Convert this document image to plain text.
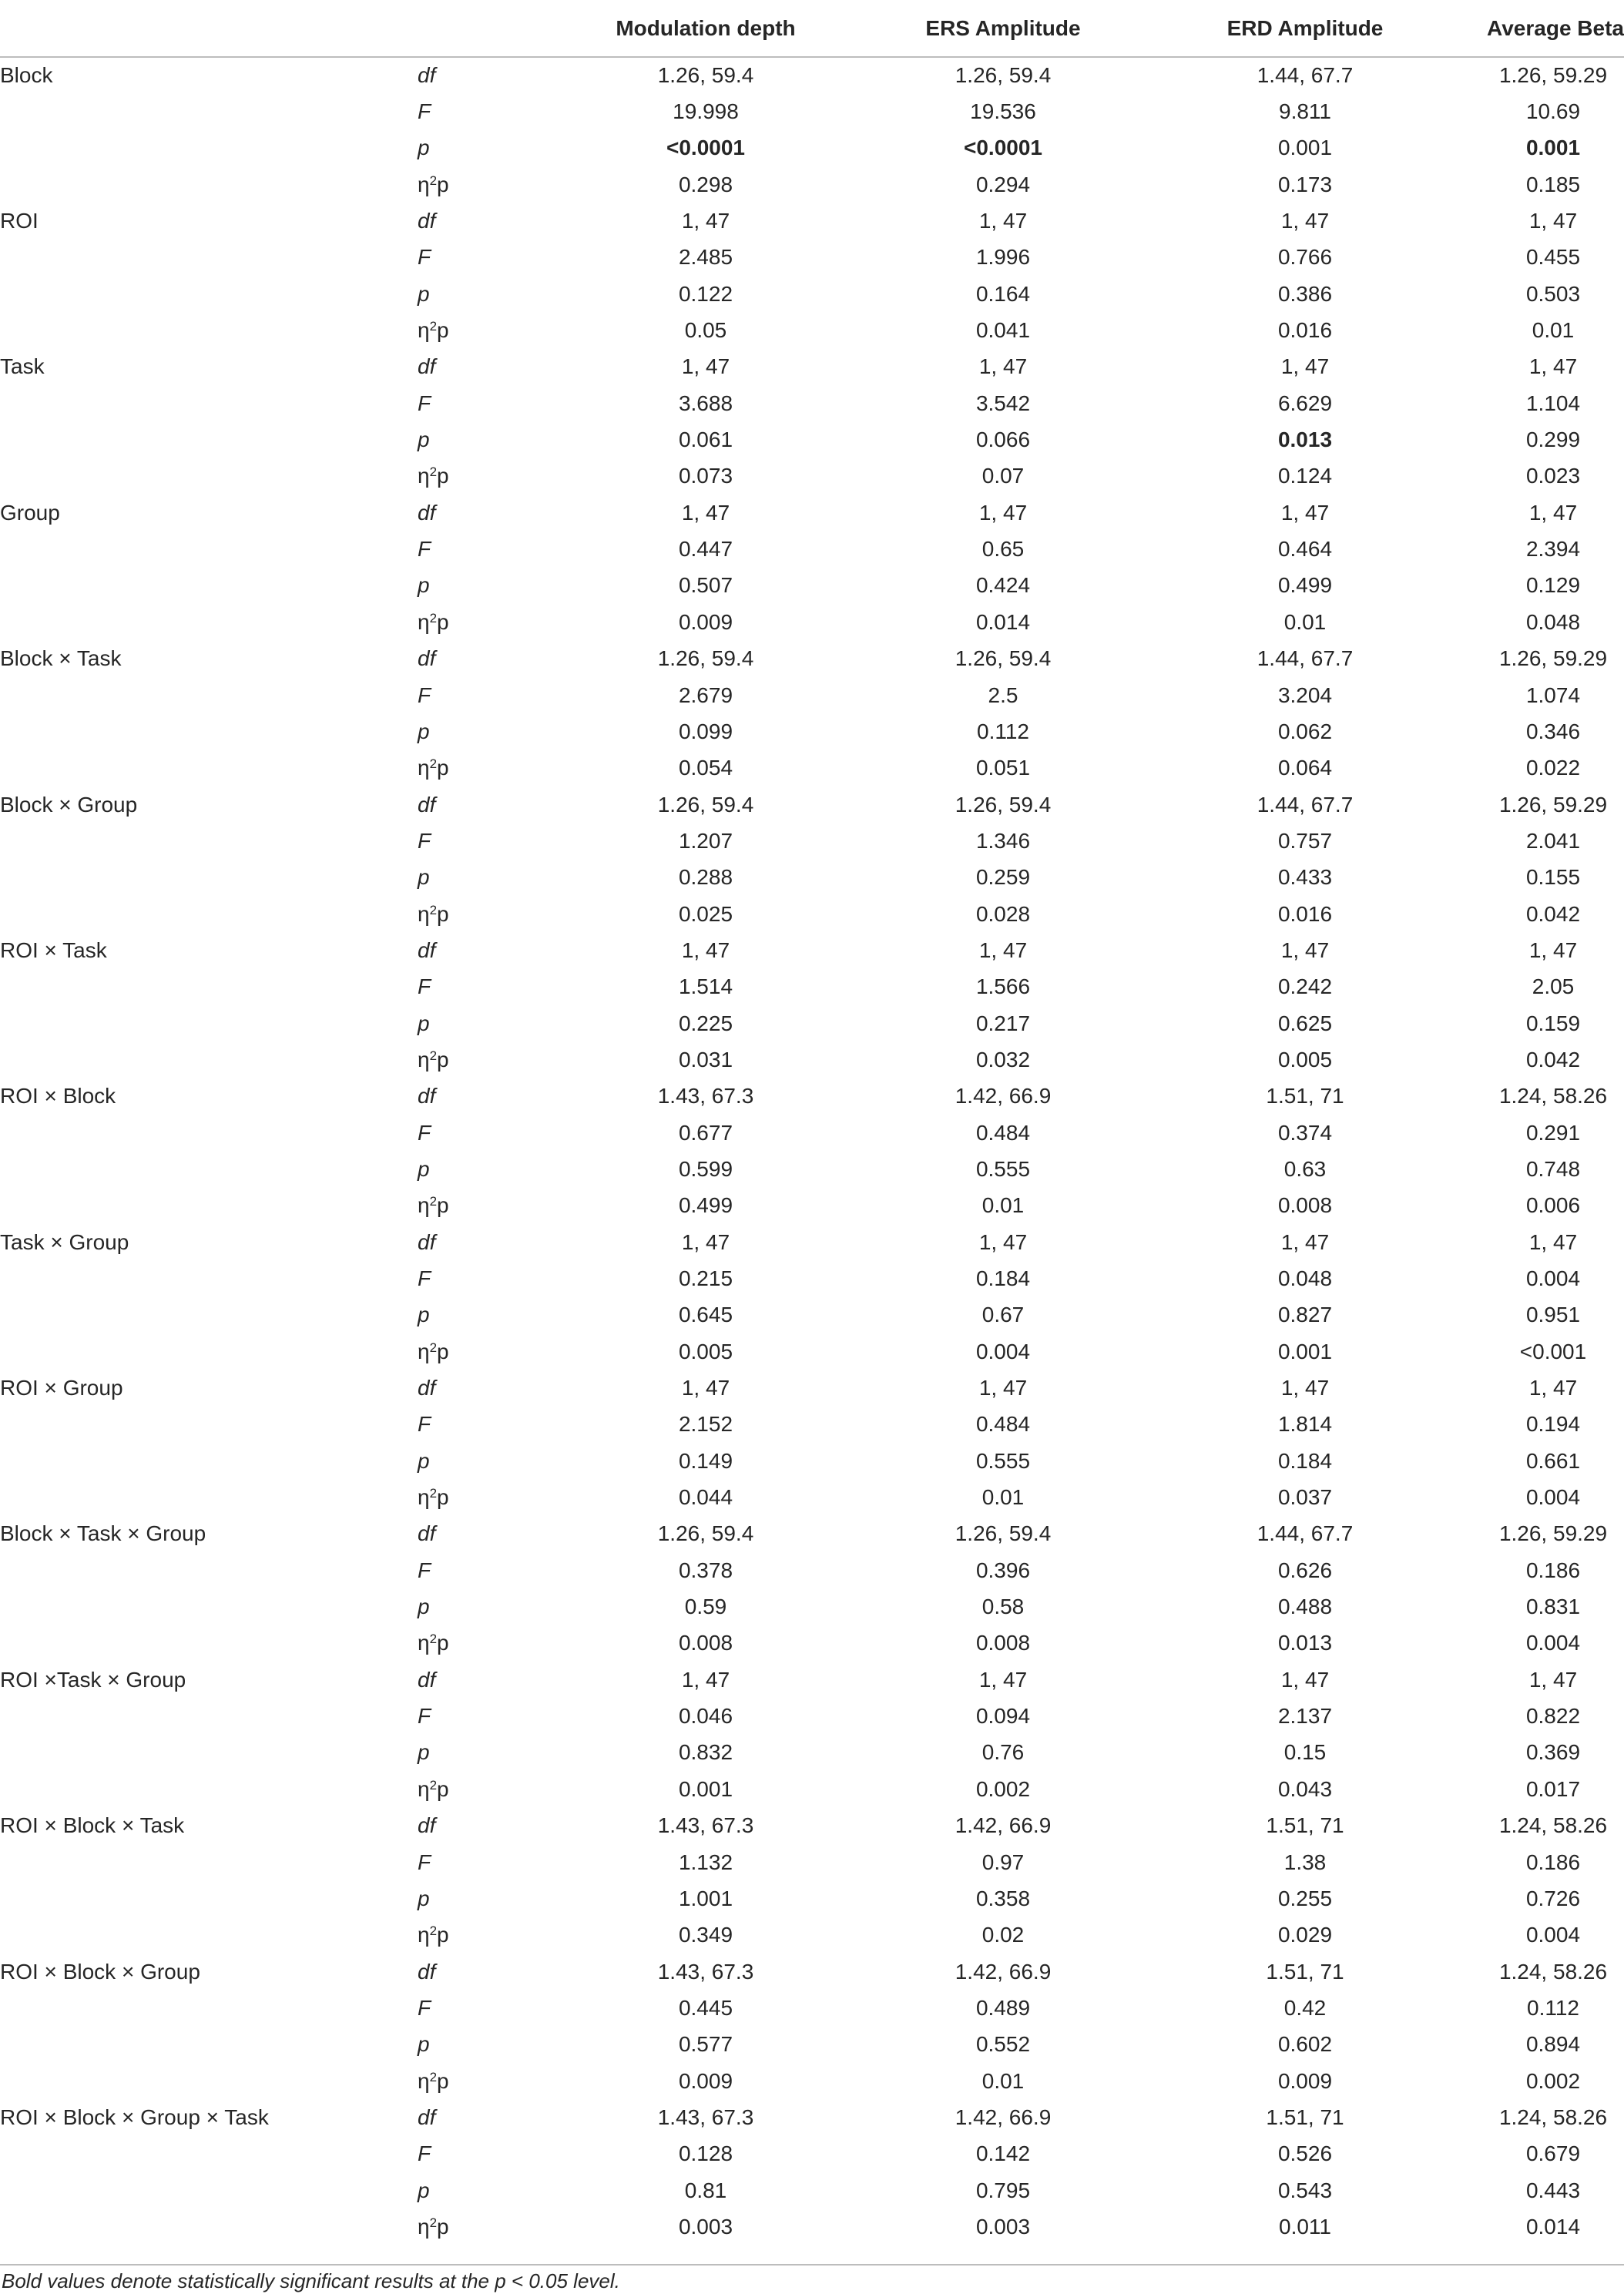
		Modulation depth	ERS Amplitude	ERD Amplitude	Average Beta
Block	df	1.26, 59.4	1.26, 59.4	1.44, 67.7	1.26, 59.29
	F	19.998	19.536	9.811	10.69
	p	<0.0001	<0.0001	0.001	0.001
	$\eta^2p$	0.298	0.294	0.173	0.185
ROI	df	1, 47	1, 47	1, 47	1, 47
	F	2.485	1.996	0.766	0.455
	p	0.122	0.164	0.386	0.503
	$\eta^2p$	0.05	0.041	0.016	0.01
Task	df	1, 47	1, 47	1, 47	1, 47
	F	3.688	3.542	6.629	1.104
	p	0.061	0.066	0.013	0.299
	$\eta^2p$	0.073	0.07	0.124	0.023
Group	df	1, 47	1, 47	1, 47	1, 47
	F	0.447	0.65	0.464	2.394
	p	0.507	0.424	0.499	0.129
	$\eta^2p$	0.009	0.014	0.01	0.048
Block × Task	df	1.26, 59.4	1.26, 59.4	1.44, 67.7	1.26, 59.29
	F	2.679	2.5	3.204	1.074
	p	0.099	0.112	0.062	0.346
	$\eta^2p$	0.054	0.051	0.064	0.022
Block × Group	df	1.26, 59.4	1.26, 59.4	1.44, 67.7	1.26, 59.29
	F	1.207	1.346	0.757	2.041
	p	0.288	0.259	0.433	0.155
	$\eta^2p$	0.025	0.028	0.016	0.042
ROI × Task	df	1, 47	1, 47	1, 47	1, 47
	F	1.514	1.566	0.242	2.05
	p	0.225	0.217	0.625	0.159
	$\eta^2p$	0.031	0.032	0.005	0.042
ROI × Block	df	1.43, 67.3	1.42, 66.9	1.51, 71	1.24, 58.26
	F	0.677	0.484	0.374	0.291
	p	0.599	0.555	0.63	0.748
	$\eta^2p$	0.499	0.01	0.008	0.006
Task × Group	df	1, 47	1, 47	1, 47	1, 47
	F	0.215	0.184	0.048	0.004
	p	0.645	0.67	0.827	0.951
	$\eta^2p$	0.005	0.004	0.001	<0.001
ROI × Group	df	1, 47	1, 47	1, 47	1, 47
	F	2.152	0.484	1.814	0.194
	p	0.149	0.555	0.184	0.661
	$\eta^2p$	0.044	0.01	0.037	0.004
Block × Task × Group	df	1.26, 59.4	1.26, 59.4	1.44, 67.7	1.26, 59.29
	F	0.378	0.396	0.626	0.186
	p	0.59	0.58	0.488	0.831
	$\eta^2p$	0.008	0.008	0.013	0.004
ROI ×Task × Group	df	1, 47	1, 47	1, 47	1, 47
	F	0.046	0.094	2.137	0.822
	p	0.832	0.76	0.15	0.369
	$\eta^2p$	0.001	0.002	0.043	0.017
ROI × Block × Task	df	1.43, 67.3	1.42, 66.9	1.51, 71	1.24, 58.26
	F	1.132	0.97	1.38	0.186
	p	1.001	0.358	0.255	0.726
	$\eta^2p$	0.349	0.02	0.029	0.004
ROI × Block × Group	df	1.43, 67.3	1.42, 66.9	1.51, 71	1.24, 58.26
	F	0.445	0.489	0.42	0.112
	p	0.577	0.552	0.602	0.894
	$\eta^2p$	0.009	0.01	0.009	0.002
ROI × Block × Group × Task	df	1.43, 67.3	1.42, 66.9	1.51, 71	1.24, 58.26
	F	0.128	0.142	0.526	0.679
	p	0.81	0.795	0.543	0.443
	$\eta^2p$	0.003	0.003	0.011	0.014
Bold values denote statistically significant results at the p < 0.05 level.
